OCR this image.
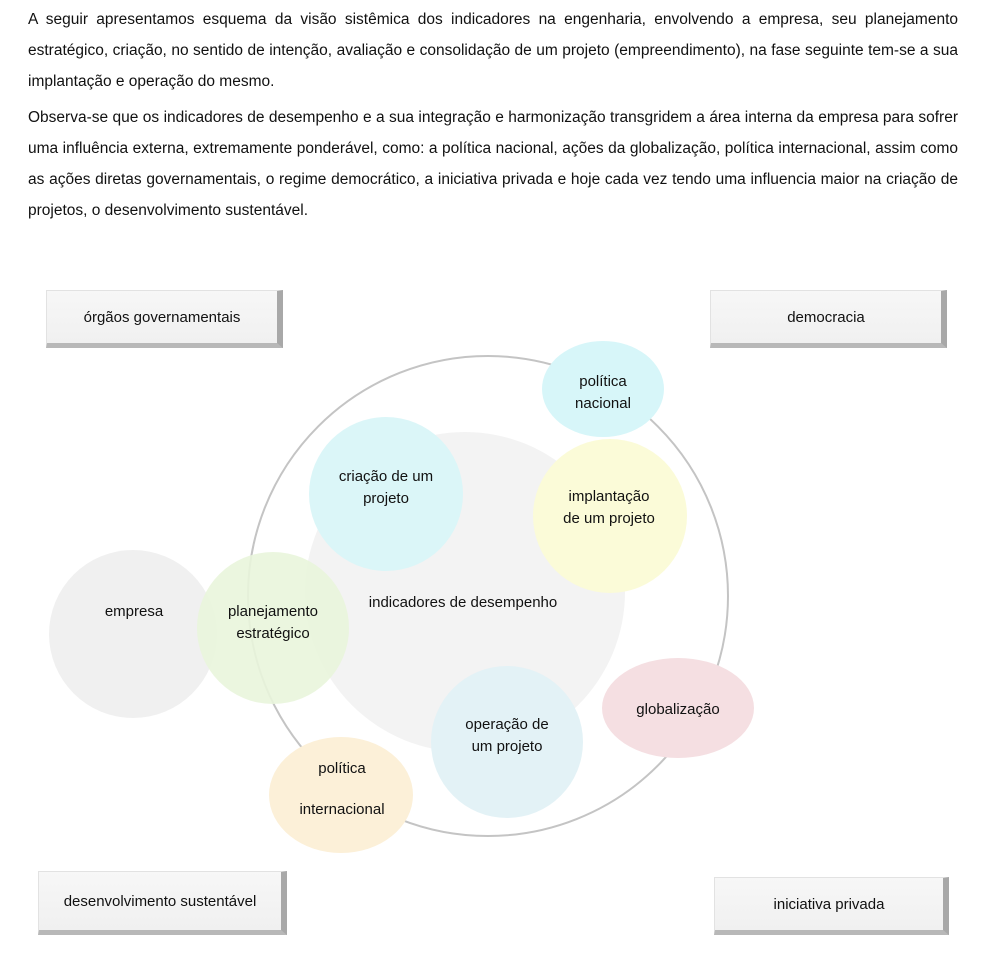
A seguir apresentamos esquema da visão sistêmica dos indicadores na engenharia, envolvendo a empresa, seu planejamento estratégico, criação, no sentido de intenção, avaliação e consolidação de um projeto (empreendimento), na fase seguinte tem-se a sua implantação e operação do mesmo.

Observa-se que os indicadores de desempenho e a sua integração e harmonização transgridem a área interna da empresa para sofrer uma influência externa, extremamente ponderável, como: a política nacional, ações da globalização, política internacional, assim como as ações diretas governamentais, o regime democrático, a iniciativa privada e hoje cada vez tendo uma influencia maior na criação de projetos, o desenvolvimento sustentável.

indicadores de desempenho
empresa	planejamento
estratégico
criação de um
projeto	implantação
de um projeto
operação de
um projeto
política
nacional
globalização
política
internacional
órgãos governamentais	democracia
desenvolvimento sustentável	iniciativa privada
